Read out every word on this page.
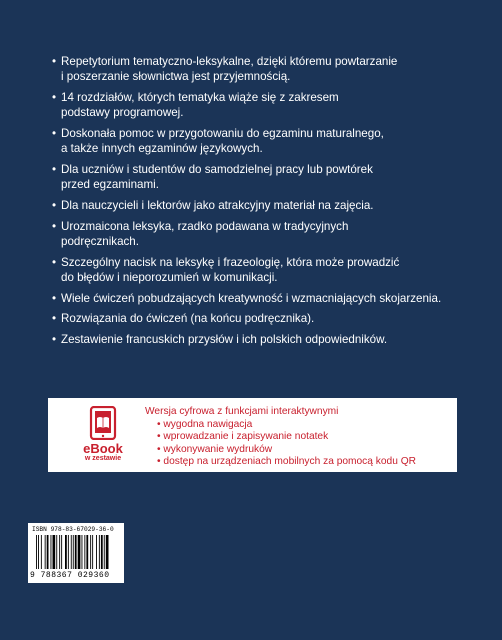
• Repetytorium tematyczno-leksykalne, dzięki któremu powtarzanie
i poszerzanie słownictwa jest przyjemnością.
• 14 rozdziałów, których tematyka wiąże się z zakresem
podstawy programowej.
• Doskonała pomoc w przygotowaniu do egzaminu maturalnego,
a także innych egzaminów językowych.
• Dla uczniów i studentów do samodzielnej pracy lub powtórek
przed egzaminami.
• Dla nauczycieli i lektorów jako atrakcyjny materiał na zajęcia.
• Urozmaicona leksyka, rzadko podawana w tradycyjnych
podręcznikach.
• Szczególny nacisk na leksykę i frazeologię, która może prowadzić
do błędów i nieporozumień w komunikacji.
• Wiele ćwiczeń pobudzających kreatywność i wzmacniających skojarzenia.
• Rozwiązania do ćwiczeń (na końcu podręcznika).
• Zestawienie francuskich przysłów i ich polskich odpowiedników.
eBook
w zestawie
Wersja cyfrowa z funkcjami interaktywnymi
• wygodna nawigacja
• wprowadzanie i zapisywanie notatek
• wykonywanie wydruków
• dostęp na urządzeniach mobilnych za pomocą kodu QR
ISBN 978-83-67029-36-0
9 788367 029360
